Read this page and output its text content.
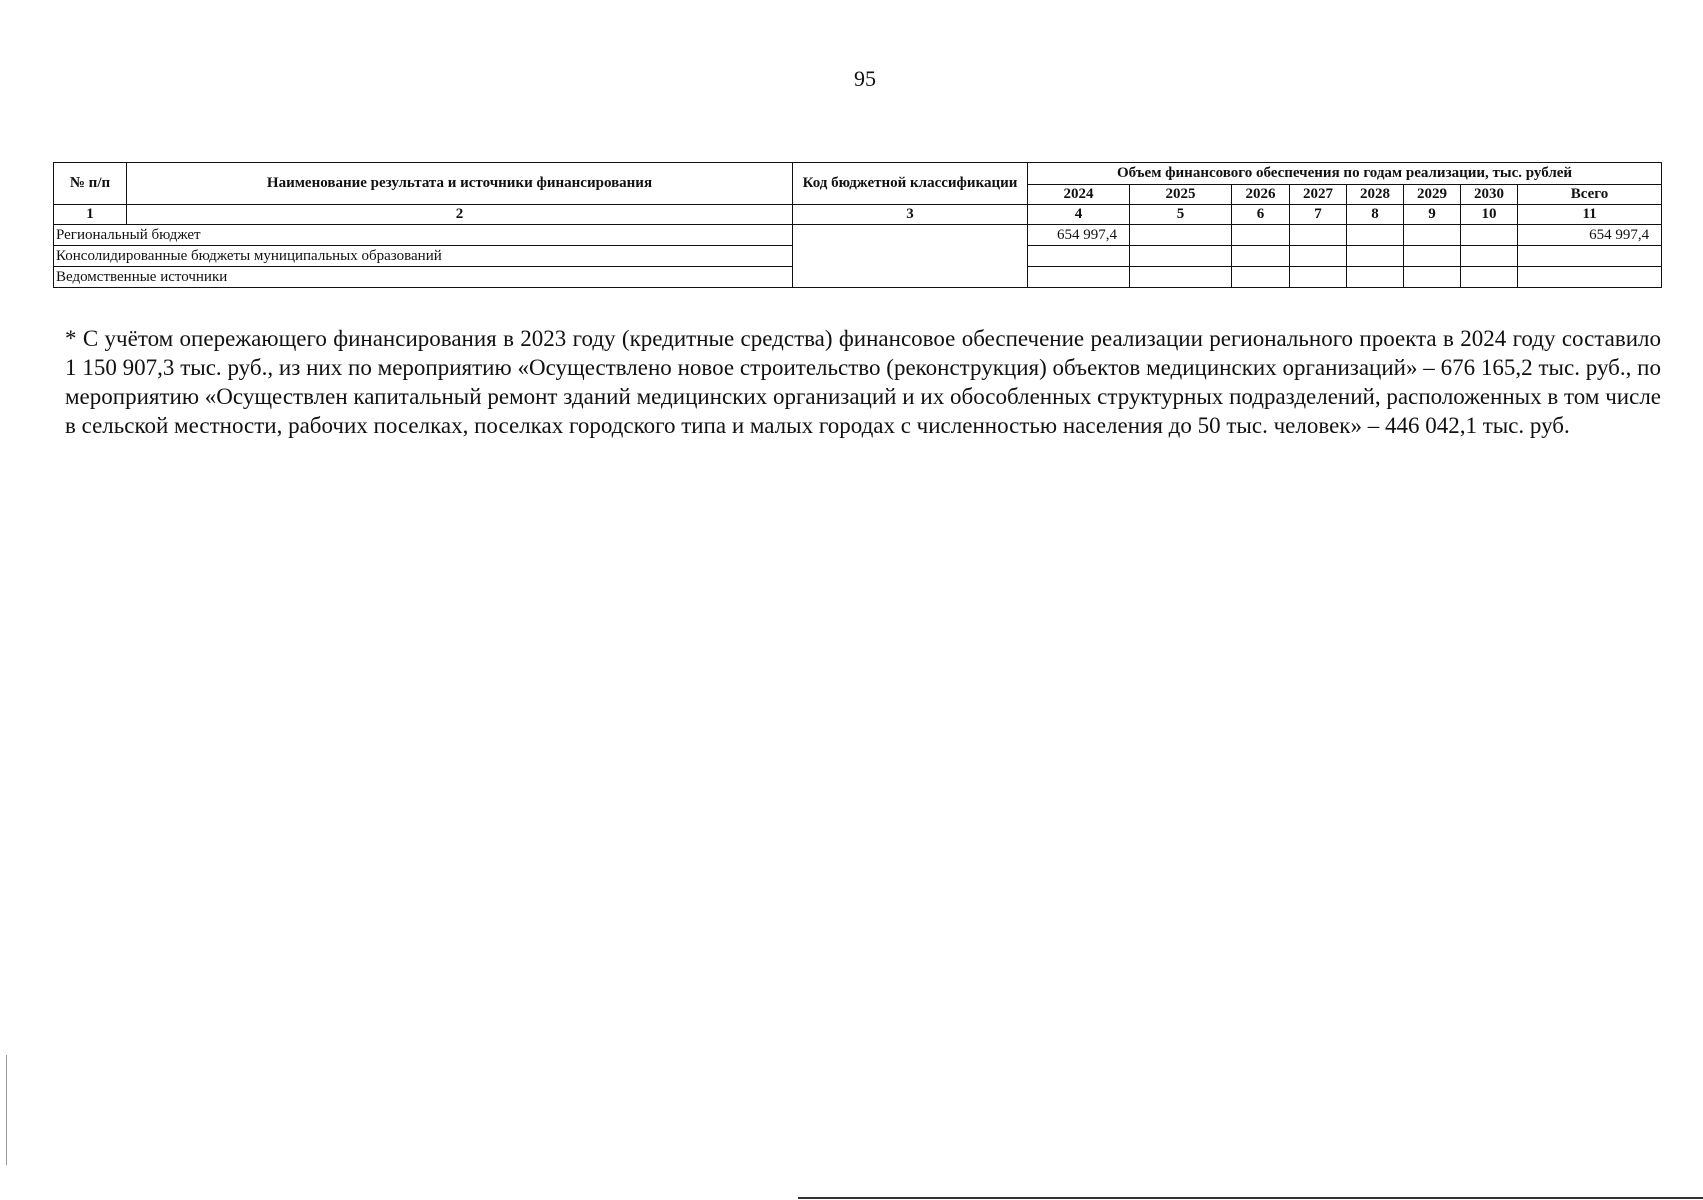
95
№ п/п	Наименование результата и источники финансирования	Код бюджетной классификации	Объем финансового обеспечения по годам реализации, тыс. рублей							
			2024	2025	2026	2027	2028	2029	2030	Всего
1	2	3	4	5	6	7	8	9	10	11
Региональный бюджет			654 997,4							654 997,4
Консолидированные бюджеты муниципальных образований										
Ведомственные источники										
* С учётом опережающего финансирования в 2023 году (кредитные средства) финансовое обеспечение реализации регионального проекта в 2024 году составило 1 150 907,3 тыс. руб., из них по мероприятию «Осуществлено новое строительство (реконструкция) объектов медицинских организаций» – 676 165,2 тыс. руб., по мероприятию «Осуществлен капитальный ремонт зданий медицинских организаций и их обособленных структурных подразделений, расположенных в том числе в сельской местности, рабочих поселках, поселках городского типа и малых городах с численностью населения до 50 тыс. человек» – 446 042,1 тыс. руб.
